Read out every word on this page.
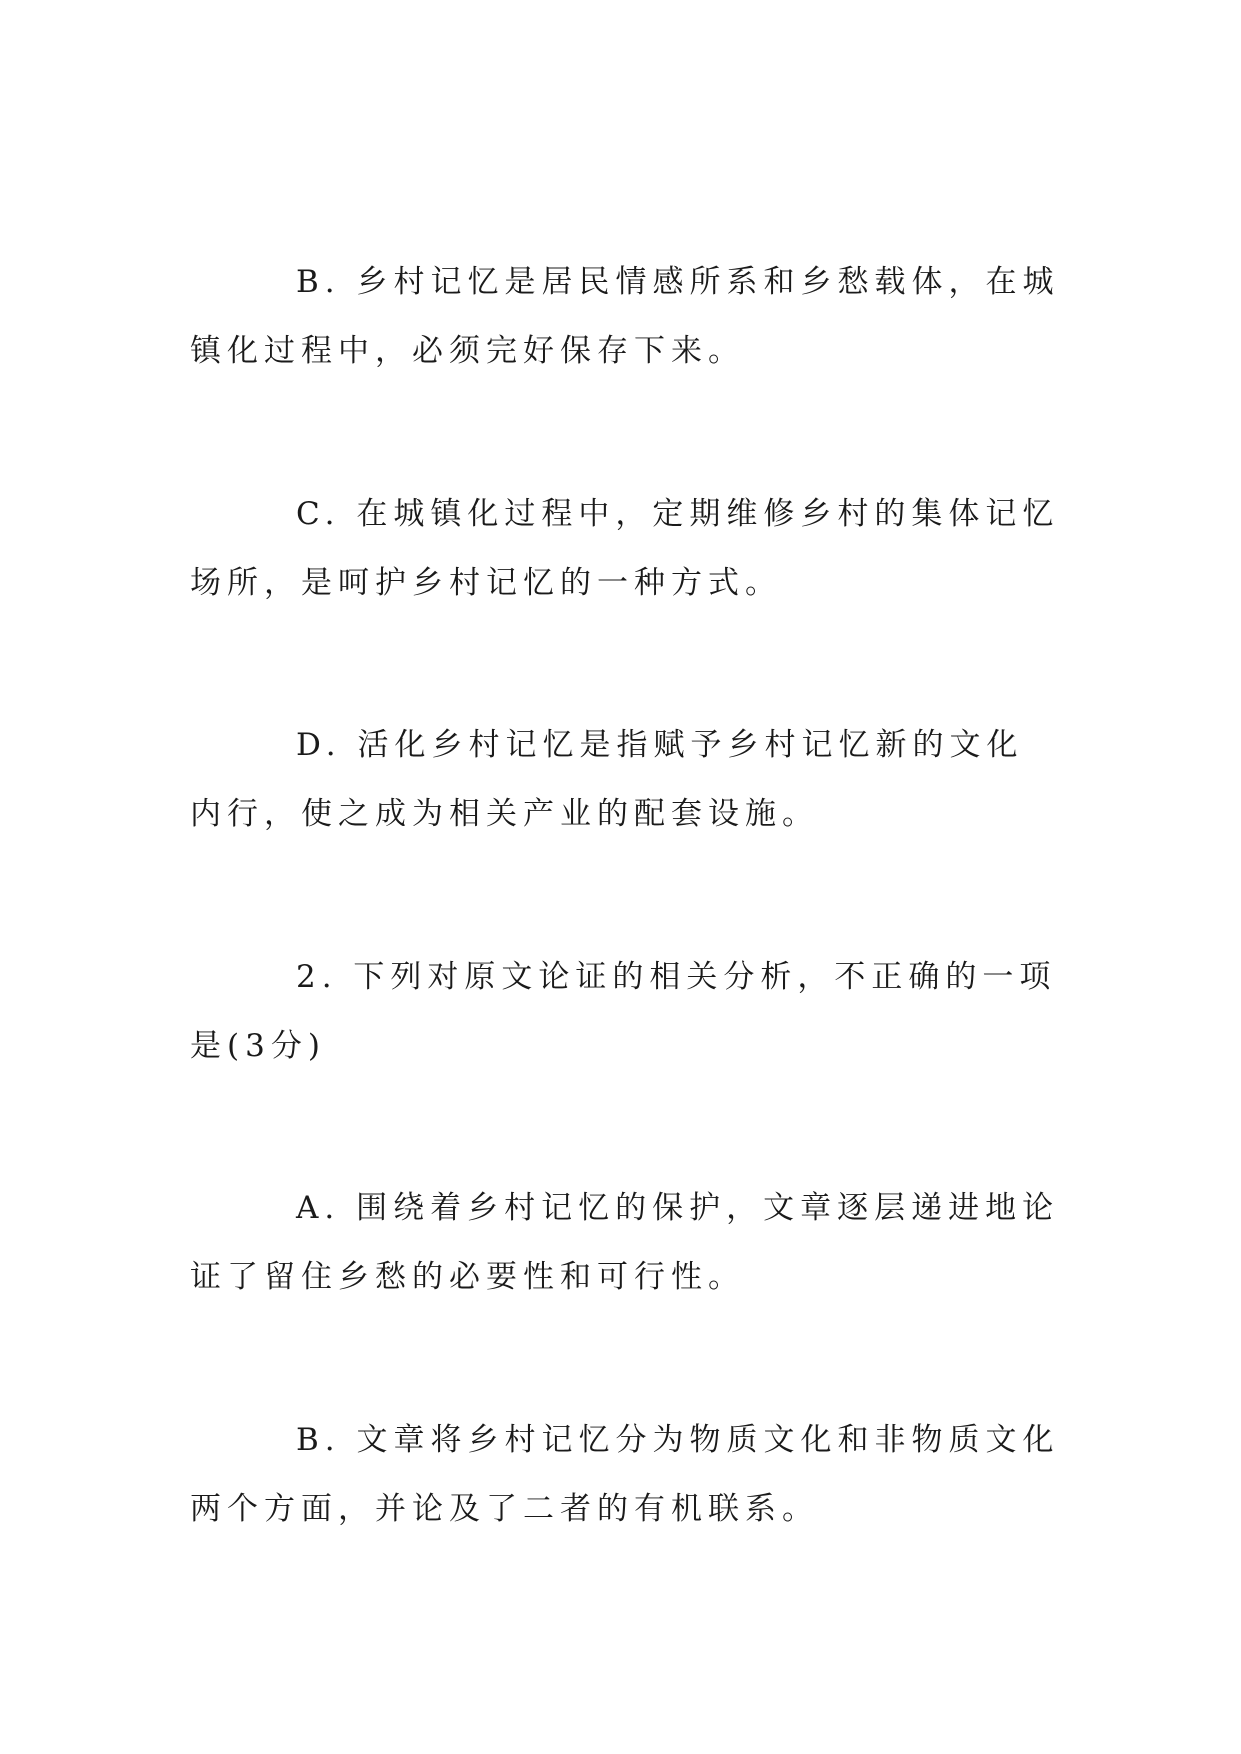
B. 乡村记忆是居民情感所系和乡愁载体，在城镇化过程中，必须完好保存下来。

C. 在城镇化过程中，定期维修乡村的集体记忆场所，是呵护乡村记忆的一种方式。

D. 活化乡村记忆是指赋予乡村记忆新的文化内行，使之成为相关产业的配套设施。

2. 下列对原文论证的相关分析，不正确的一项是(3分)

A. 围绕着乡村记忆的保护，文章逐层递进地论证了留住乡愁的必要性和可行性。

B. 文章将乡村记忆分为物质文化和非物质文化两个方面，并论及了二者的有机联系。
